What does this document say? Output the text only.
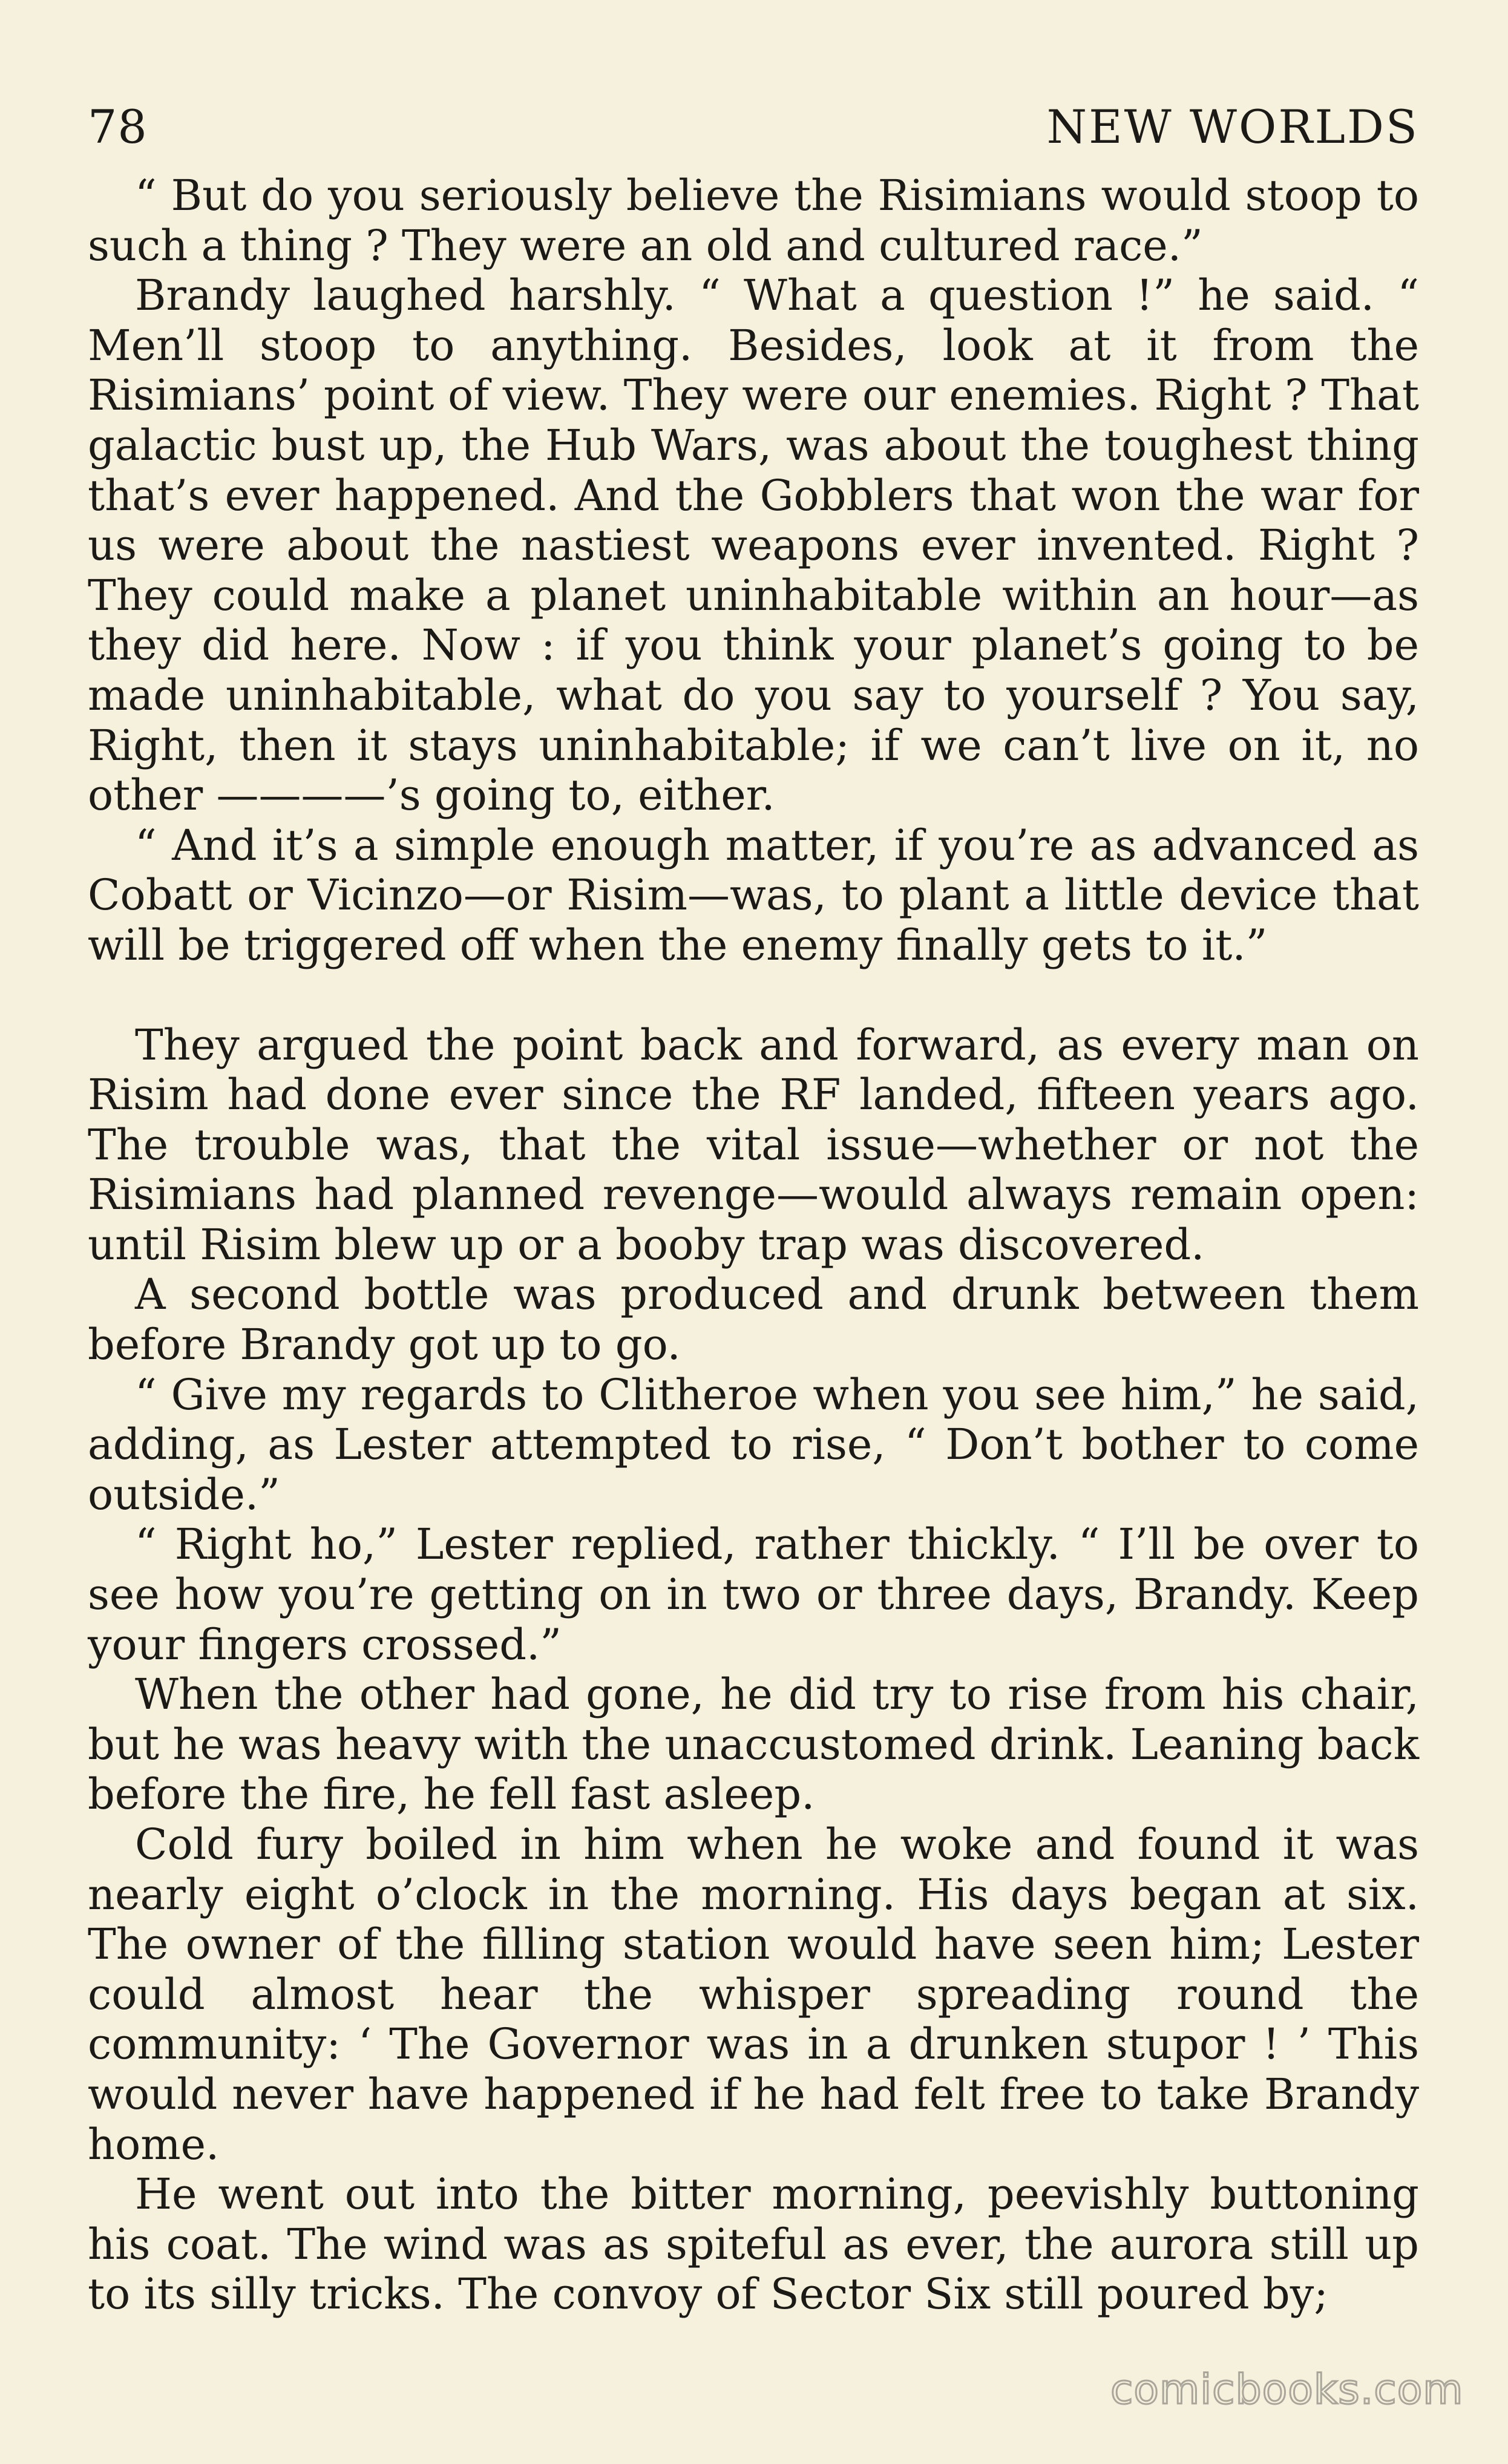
78	NEW WORLDS

“ But do you seriously believe the Risimians would stoop to such a thing ? They were an old and cultured race.”

Brandy laughed harshly. “ What a question !” he said. “ Men’ll stoop to anything. Besides, look at it from the Risimians’ point of view. They were our enemies. Right ? That galactic bust up, the Hub Wars, was about the toughest thing that’s ever happened. And the Gobblers that won the war for us were about the nastiest weapons ever invented. Right ? They could make a planet uninhabitable within an hour—as they did here. Now : if you think your planet’s going to be made uninhabitable, what do you say to yourself ? You say, Right, then it stays uninhabitable; if we can’t live on it, no other ————’s going to, either.

“ And it’s a simple enough matter, if you’re as advanced as Cobatt or Vicinzo—or Risim—was, to plant a little device that will be triggered off when the enemy finally gets to it.”

They argued the point back and forward, as every man on Risim had done ever since the RF landed, fifteen years ago. The trouble was, that the vital issue—whether or not the Risimians had planned revenge—would always remain open: until Risim blew up or a booby trap was discovered.

A second bottle was produced and drunk between them before Brandy got up to go.

“ Give my regards to Clitheroe when you see him,” he said, adding, as Lester attempted to rise, “ Don’t bother to come outside.”

“ Right ho,” Lester replied, rather thickly. “ I’ll be over to see how you’re getting on in two or three days, Brandy. Keep your fingers crossed.”

When the other had gone, he did try to rise from his chair, but he was heavy with the unaccustomed drink. Leaning back before the fire, he fell fast asleep.

Cold fury boiled in him when he woke and found it was nearly eight o’clock in the morning. His days began at six. The owner of the filling station would have seen him; Lester could almost hear the whisper spreading round the community: ‘ The Governor was in a drunken stupor ! ’ This would never have happened if he had felt free to take Brandy home.

He went out into the bitter morning, peevishly buttoning his coat. The wind was as spiteful as ever, the aurora still up to its silly tricks. The convoy of Sector Six still poured by;

comicbooks.com
